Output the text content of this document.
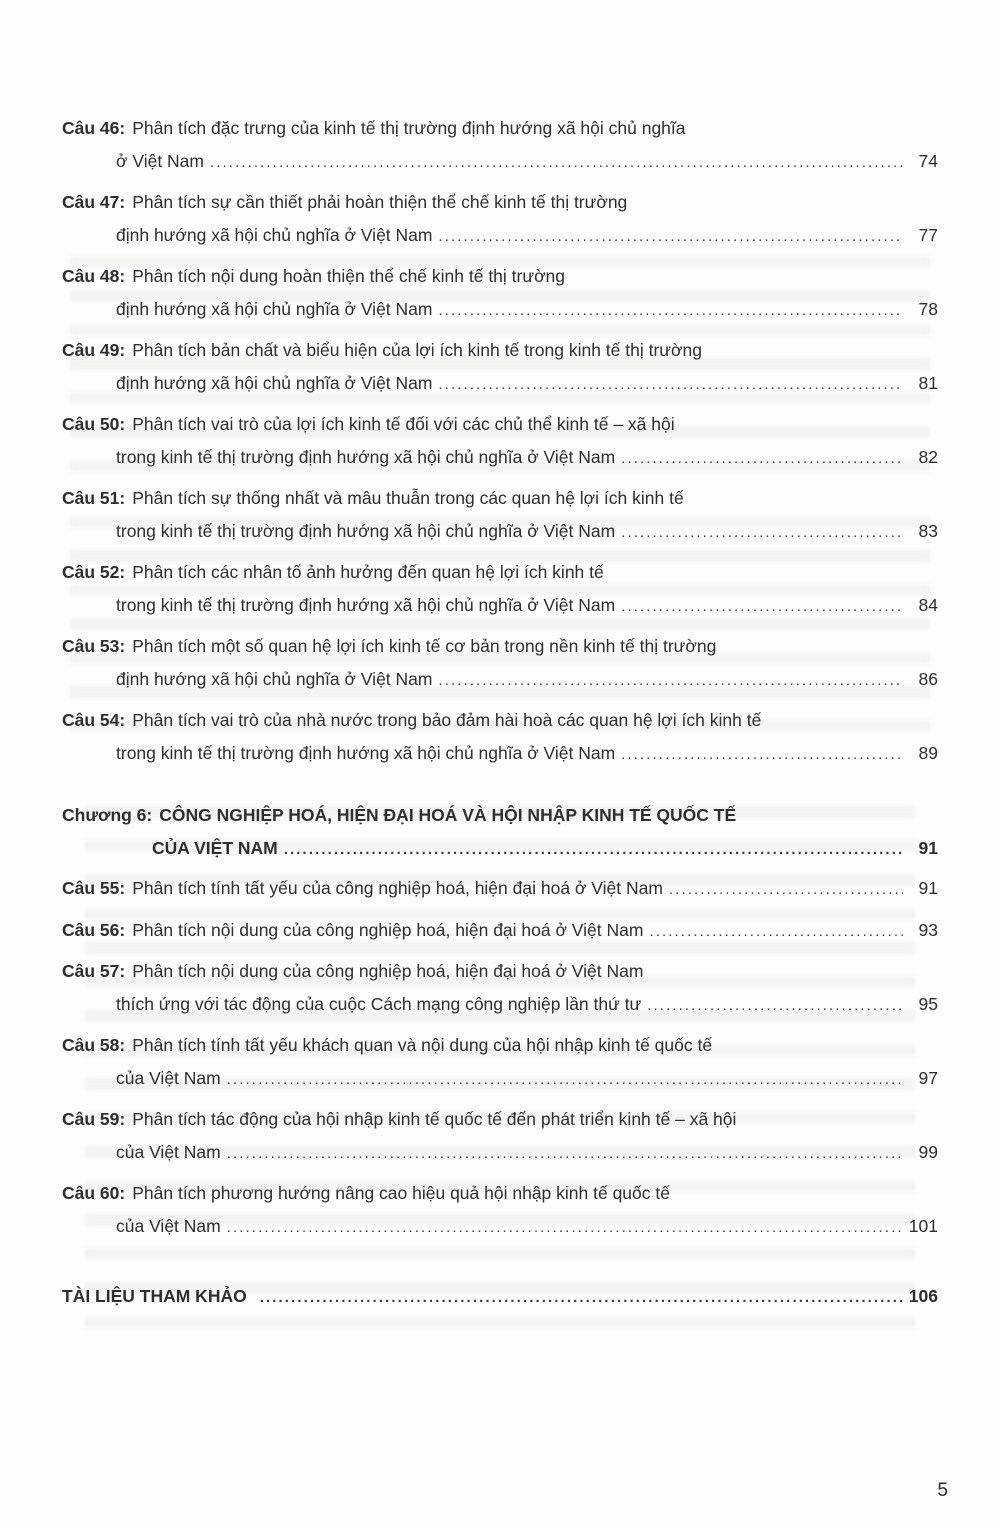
Câu 46: Phân tích đặc trưng của kinh tế thị trường định hướng xã hội chủ nghĩa
ở Việt Nam .....	74
Câu 47: Phân tích sự cần thiết phải hoàn thiện thể chế kinh tế thị trường
định hướng xã hội chủ nghĩa ở Việt Nam .....	77
Câu 48: Phân tích nội dung hoàn thiện thể chế kinh tế thị trường
định hướng xã hội chủ nghĩa ở Việt Nam .....	78
Câu 49: Phân tích bản chất và biểu hiện của lợi ích kinh tế trong kinh tế thị trường
định hướng xã hội chủ nghĩa ở Việt Nam .....	81
Câu 50: Phân tích vai trò của lợi ích kinh tế đối với các chủ thể kinh tế – xã hội
trong kinh tế thị trường định hướng xã hội chủ nghĩa ở Việt Nam .....	82
Câu 51: Phân tích sự thống nhất và mâu thuẫn trong các quan hệ lợi ích kinh tế
trong kinh tế thị trường định hướng xã hội chủ nghĩa ở Việt Nam .....	83
Câu 52: Phân tích các nhân tố ảnh hưởng đến quan hệ lợi ích kinh tế
trong kinh tế thị trường định hướng xã hội chủ nghĩa ở Việt Nam .....	84
Câu 53: Phân tích một số quan hệ lợi ích kinh tế cơ bản trong nền kinh tế thị trường
định hướng xã hội chủ nghĩa ở Việt Nam .....	86
Câu 54: Phân tích vai trò của nhà nước trong bảo đảm hài hoà các quan hệ lợi ích kinh tế
trong kinh tế thị trường định hướng xã hội chủ nghĩa ở Việt Nam .....	89
Chương 6: CÔNG NGHIỆP HOÁ, HIỆN ĐẠI HOÁ VÀ HỘI NHẬP KINH TẾ QUỐC TẾ
CỦA VIỆT NAM .....	91
Câu 55: Phân tích tính tất yếu của công nghiệp hoá, hiện đại hoá ở Việt Nam .....	91
Câu 56: Phân tích nội dung của công nghiệp hoá, hiện đại hoá ở Việt Nam .....	93
Câu 57: Phân tích nội dung của công nghiệp hoá, hiện đại hoá ở Việt Nam
thích ứng với tác động của cuộc Cách mạng công nghiệp lần thứ tư .....	95
Câu 58: Phân tích tính tất yếu khách quan và nội dung của hội nhập kinh tế quốc tế
của Việt Nam .....	97
Câu 59: Phân tích tác động của hội nhập kinh tế quốc tế đến phát triển kinh tế – xã hội
của Việt Nam .....	99
Câu 60: Phân tích phương hướng nâng cao hiệu quả hội nhập kinh tế quốc tế
của Việt Nam .....	101
TÀI LIỆU THAM KHẢO .....	106
5
